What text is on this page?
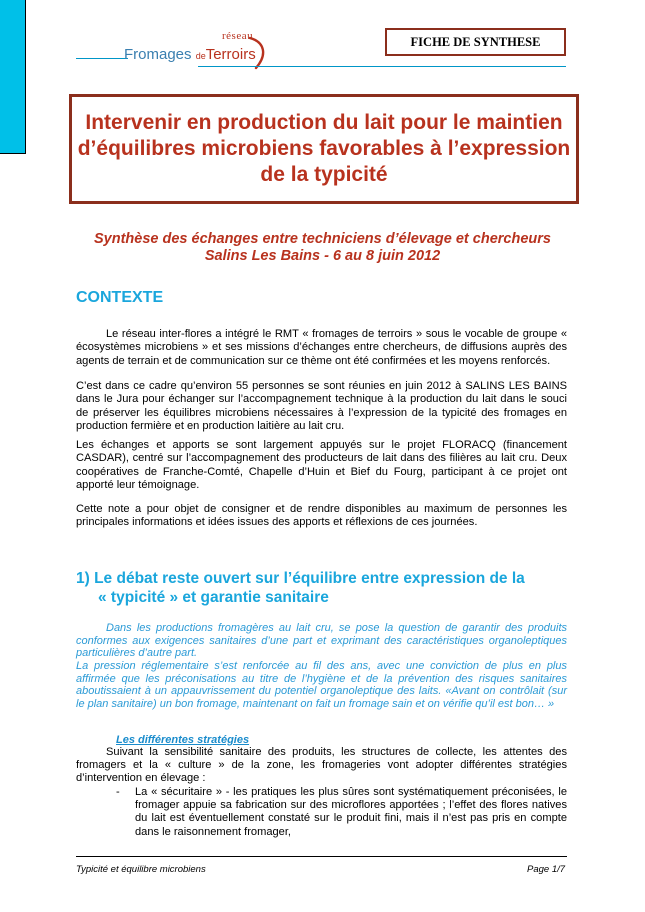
réseau
Fromages deTerroirs
FICHE DE SYNTHESE
Intervenir en production du lait pour le maintien d’équilibres microbiens favorables à l’expression de la typicité
Synthèse des échanges entre techniciens d’élevage et chercheurs
Salins Les Bains - 6 au 8 juin 2012
CONTEXTE

Le réseau inter-flores a intégré le RMT « fromages de terroirs » sous le vocable de groupe « écosystèmes microbiens » et ses missions d’échanges entre chercheurs, de diffusions auprès des agents de terrain et de communication sur ce thème ont été confirmées et les moyens renforcés.

C’est dans ce cadre qu’environ 55 personnes se sont réunies en juin 2012 à SALINS LES BAINS dans le Jura pour échanger sur l’accompagnement technique à la production du lait dans le souci de préserver les équilibres microbiens nécessaires à l’expression de la typicité des fromages en production fermière et en production laitière au lait cru.

Les échanges et apports se sont largement appuyés sur le projet FLORACQ (financement CASDAR), centré sur l’accompagnement des producteurs de lait dans des filières au lait cru. Deux coopératives de Franche-Comté, Chapelle d’Huin et Bief du Fourg, participant à ce projet ont apporté leur témoignage.

Cette note a pour objet de consigner et de rendre disponibles au maximum de personnes les principales informations et idées issues des apports et réflexions de ces journées.

1) Le débat reste ouvert sur l’équilibre entre expression de la
« typicité » et garantie sanitaire

Dans les productions fromagères au lait cru, se pose la question de garantir des produits conformes aux exigences sanitaires d’une part et exprimant des caractéristiques organoleptiques particulières d’autre part.

La pression réglementaire s’est renforcée au fil des ans, avec une conviction de plus en plus affirmée que les préconisations au titre de l’hygiène et de la prévention des risques sanitaires aboutissaient à un appauvrissement du potentiel organoleptique des laits. «Avant on contrôlait (sur le plan sanitaire) un bon fromage, maintenant on fait un fromage sain et on vérifie qu’il est bon… »

Les différentes stratégies

Suivant la sensibilité sanitaire des produits, les structures de collecte, les attentes des fromagers et la « culture » de la zone, les fromageries vont adopter différentes stratégies d’intervention en élevage :

- La « sécuritaire » - les pratiques les plus sûres sont systématiquement préconisées, le fromager appuie sa fabrication sur des microflores apportées ; l’effet des flores natives du lait est éventuellement constaté sur le produit fini, mais il n’est pas pris en compte dans le raisonnement fromager,

Typicité et équilibre microbiens	Page 1/7
